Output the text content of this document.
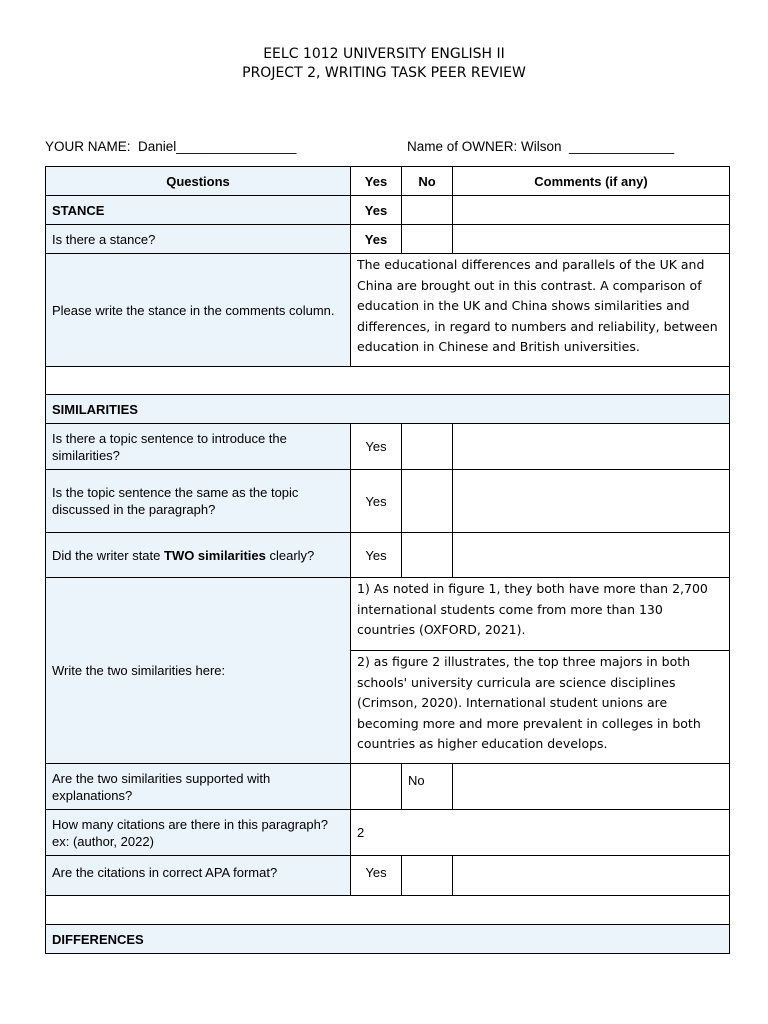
EELC 1012 UNIVERSITY ENGLISH II
PROJECT 2, WRITING TASK PEER REVIEW
YOUR NAME:  Daniel________________	Name of OWNER: Wilson  ______________
Questions	Yes	No	Comments (if any)
STANCE	Yes		
Is there a stance?	Yes		
Please write the stance in the comments column.	The educational differences and parallels of the UK and China are brought out in this contrast. A comparison of education in the UK and China shows similarities and differences, in regard to numbers and reliability, between education in Chinese and British universities.		

SIMILARITIES			
Is there a topic sentence to introduce the similarities?	Yes		
Is the topic sentence the same as the topic discussed in the paragraph?	Yes		
Did the writer state TWO similarities clearly?	Yes		
Write the two similarities here:	1) As noted in figure 1, they both have more than 2,700 international students come from more than 130 countries (OXFORD, 2021).		
	2) as figure 2 illustrates, the top three majors in both schools' university curricula are science disciplines (Crimson, 2020). International student unions are becoming more and more prevalent in colleges in both countries as higher education develops.		
Are the two similarities supported with explanations?		No	
How many citations are there in this paragraph? ex: (author, 2022)	2		
Are the citations in correct APA format?	Yes		

DIFFERENCES			
